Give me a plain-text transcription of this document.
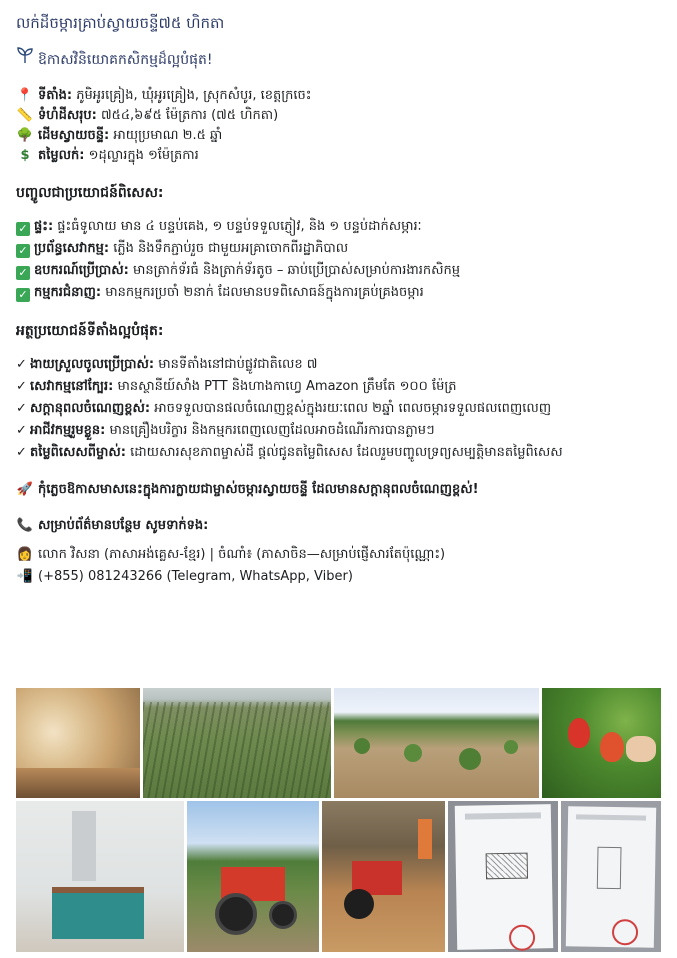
លក់ដីចម្ការគ្រាប់ស្វាយចន្ទី៧៥ ហិកតា
ឱកាសវិនិយោគកសិកម្មដ៏ល្អបំផុត!
📍 ទីតាំង: ភូមិអូរគ្រៀង, ឃុំអូរគ្រៀង, ស្រុកសំបូរ, ខេត្តក្រចេះ
📏 ទំហំដីសរុប: ៧៥៤,៦៩៥ ម៉ែត្រការ (៧៥ ហិកតា)
🌳 ដើមស្វាយចន្ទី: អាយុប្រមាណ ២.៥ ឆ្នាំ
$ តម្លៃលក់: ១ដុល្លារក្នុង ១ម៉ែត្រការ
បញ្ចូលជាប្រយោជន៍ពិសេស:
✓ ផ្ទះ: ផ្ទះធំទូលាយ មាន ៤ បន្ទប់គេង, ១ បន្ទប់ទទួលភ្ញៀវ, និង ១ បន្ទប់ដាក់សម្ភារៈ
✓ ប្រព័ន្ធសេវាកម្ម: ភ្លើង និងទឹកភ្ជាប់រួច ជាមួយអគ្រាចោកពីរដ្ឋាភិបាល
✓ ឧបករណ៍ប្រើប្រាស់: មានត្រាក់ទ័រធំ និងត្រាក់ទ័រតូច – ឆាប់ប្រើប្រាស់សម្រាប់ការងារកសិកម្ម
✓ កម្មករជំនាញ: មានកម្មករប្រចាំ ២នាក់ ដែលមានបទពិសោធន៍ក្នុងការគ្រប់គ្រងចម្ការ
អត្ថប្រយោជន៍ទីតាំងល្អបំផុត:
✓ ងាយស្រួលចូលប្រើប្រាស់: មានទីតាំងនៅជាប់ផ្លូវជាតិលេខ ៧
✓ សេវាកម្មនៅក្បែរ: មានស្ថានីយ៍សាំង PTT និងហាងកាហ្វេ Amazon ត្រឹមតែ ១០០ ម៉ែត្រ
✓ សក្តានុពលចំណេញខ្ពស់: អាចទទួលបានផលចំណេញខ្ពស់ក្នុងរយៈពេល ២ឆ្នាំ ពេលចម្ការទទួលផលពេញលេញ
✓ អាជីវកម្មរួមខ្លួន: មានគ្រឿងបរិក្ខារ និងកម្មករពេញលេញដែលអាចដំណើរការបានភ្លាមៗ
✓ តម្លៃពិសេសពីម្ចាស់: ដោយសារសុខភាពម្ចាស់ដី ផ្តល់ជូនតម្លៃពិសេស ដែលរួមបញ្ចូលទ្រព្យសម្បត្តិមានតម្លៃពិសេស
🚀 កុំភ្លេចឱកាសមាសនេះក្នុងការក្លាយជាម្ចាស់ចម្ការស្វាយចន្ទី ដែលមានសក្តានុពលចំណេញខ្ពស់!
📞 សម្រាប់ព័ត៌មានបន្ថែម សូមទាក់ទង:
👩 លោក វិសនា (ភាសាអង់គ្លេស-ខ្មែរ) | ចំណាំ៖ (ភាសាចិន—សម្រាប់ផ្ញើសារតែប៉ុណ្ណោះ)
📲 (+855) 081243266 (Telegram, WhatsApp, Viber)
